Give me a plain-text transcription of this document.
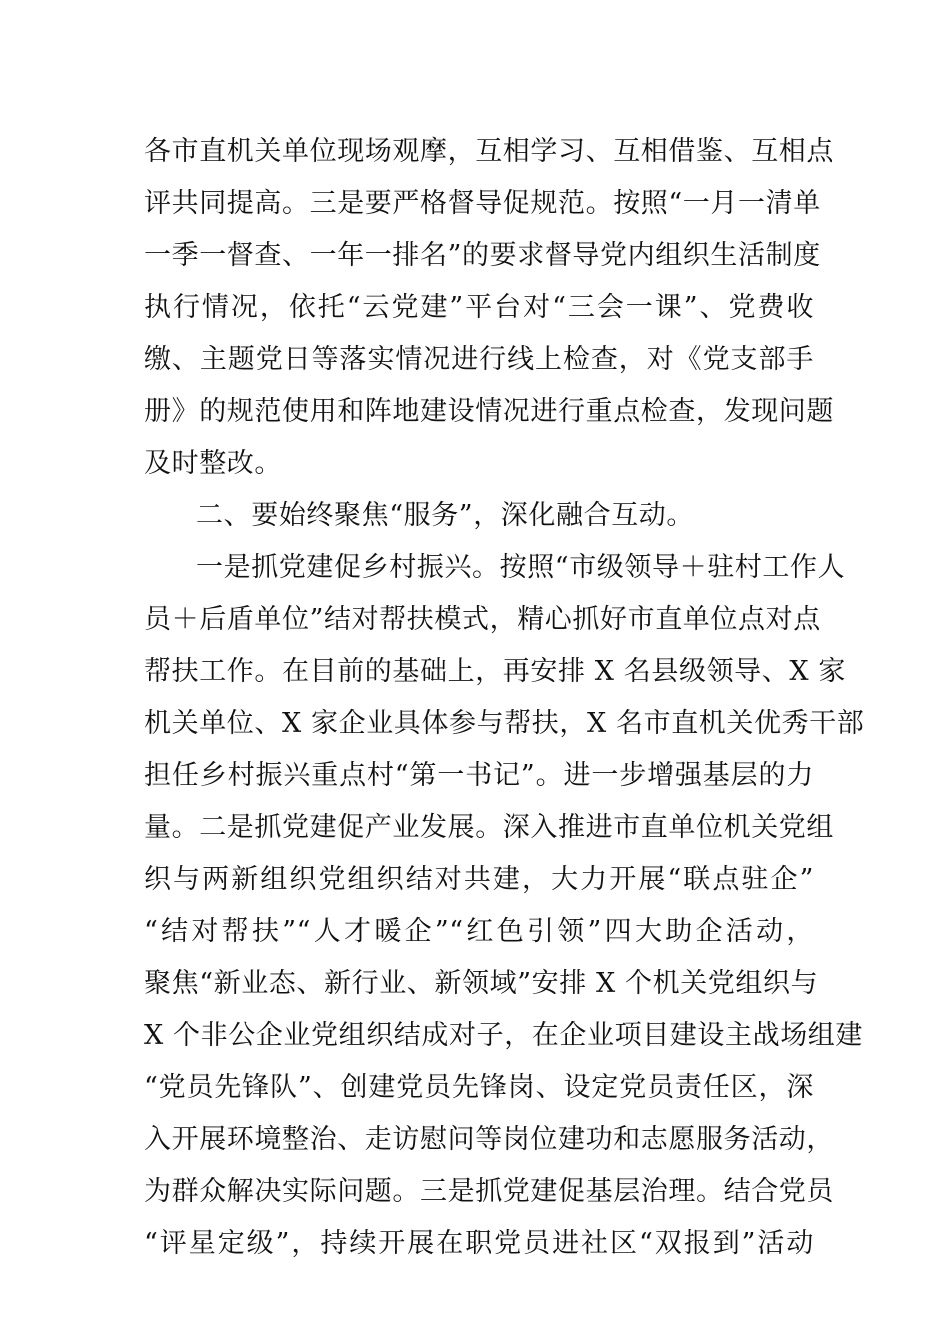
各市直机关单位现场观摩，互相学习、互相借鉴、互相点
评共同提高。三是要严格督导促规范。按照“一月一清单
一季一督查、一年一排名”的要求督导党内组织生活制度
执行情况，依托“云党建”平台对“三会一课”、党费收
缴、主题党日等落实情况进行线上检查，对《党支部手
册》的规范使用和阵地建设情况进行重点检查，发现问题
及时整改。
二、要始终聚焦“服务”，深化融合互动。
一是抓党建促乡村振兴。按照“市级领导＋驻村工作人
员＋后盾单位”结对帮扶模式，精心抓好市直单位点对点
帮扶工作。在目前的基础上，再安排 X 名县级领导、X 家
机关单位、X 家企业具体参与帮扶，X 名市直机关优秀干部
担任乡村振兴重点村“第一书记”。进一步增强基层的力
量。二是抓党建促产业发展。深入推进市直单位机关党组
织与两新组织党组织结对共建，大力开展“联点驻企”
“结对帮扶”“人才暖企”“红色引领”四大助企活动，
聚焦“新业态、新行业、新领域”安排 X 个机关党组织与
X 个非公企业党组织结成对子，在企业项目建设主战场组建
“党员先锋队”、创建党员先锋岗、设定党员责任区，深
入开展环境整治、走访慰问等岗位建功和志愿服务活动，
为群众解决实际问题。三是抓党建促基层治理。结合党员
“评星定级”，持续开展在职党员进社区“双报到”活动
